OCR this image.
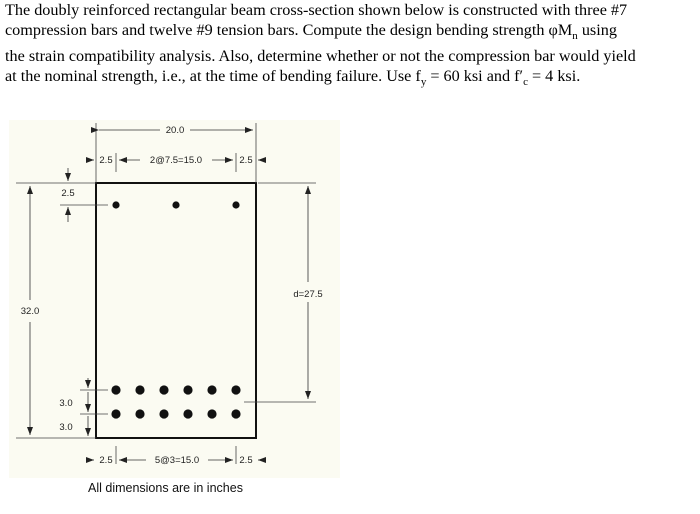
The doubly reinforced rectangular beam cross-section shown below is constructed with three #7

compression bars and twelve #9 tension bars. Compute the design bending strength $\varphi M_n$ using

the strain compatibility analysis. Also, determine whether or not the compression bar would yield

at the nominal strength, i.e., at the time of bending failure. Use $f_y = 60$ ksi and $f'_c = 4$ ksi.

20.0
2.5	2@7.5=15.0	2.5
2.5
32.0
d=27.5
3.0
3.0
2.5	5@3=15.0	2.5
All dimensions are in inches
